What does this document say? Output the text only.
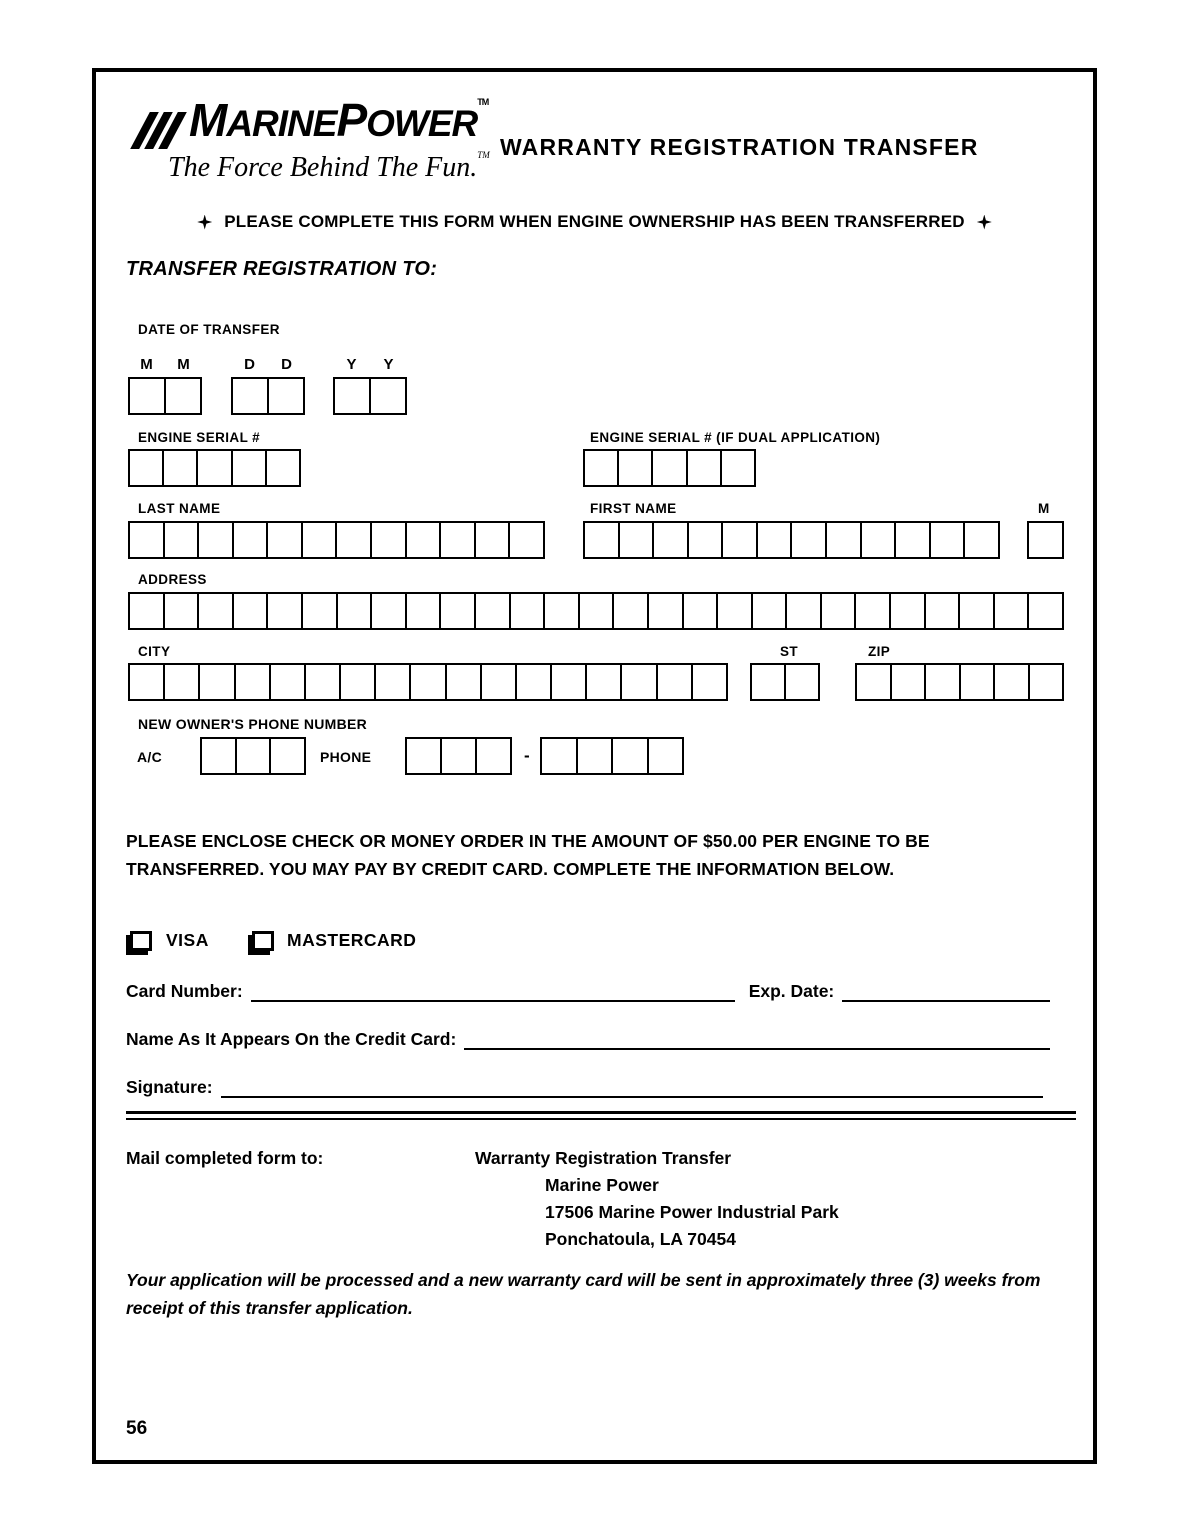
MARINEPOWER™
The Force Behind The Fun.™ WARRANTY REGISTRATION TRANSFER
PLEASE COMPLETE THIS FORM WHEN ENGINE OWNERSHIP HAS BEEN TRANSFERRED
TRANSFER REGISTRATION TO:
DATE OF TRANSFER
M	M	D	D	Y	Y
ENGINE SERIAL #	ENGINE SERIAL # (IF DUAL APPLICATION)
LAST NAME	FIRST NAME	M
ADDRESS
CITY	ST	ZIP
NEW OWNER'S PHONE NUMBER
A/C	PHONE	-
PLEASE ENCLOSE CHECK OR MONEY ORDER IN THE AMOUNT OF $50.00 PER ENGINE TO BE TRANSFERRED. YOU MAY PAY BY CREDIT CARD. COMPLETE THE INFORMATION BELOW.
VISA	MASTERCARD
Card Number:	Exp. Date:
Name As It Appears On the Credit Card:
Signature:
Mail completed form to:	Warranty Registration Transfer
Marine Power
17506 Marine Power Industrial Park
Ponchatoula, LA 70454
Your application will be processed and a new warranty card will be sent in approximately three (3) weeks from receipt of this transfer application.
56
